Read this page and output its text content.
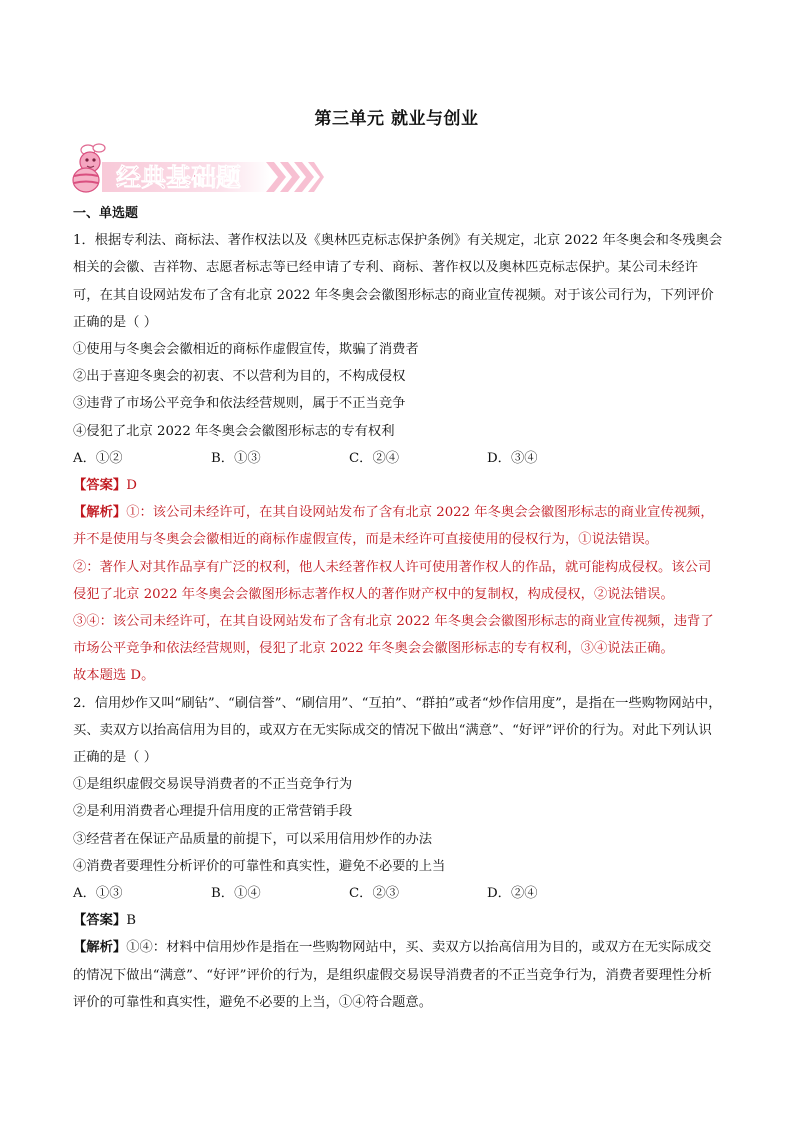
第三单元 就业与创业
经典基础题

一、单选题

1．根据专利法、商标法、著作权法以及《奥林匹克标志保护条例》有关规定，北京 2022 年冬奥会和冬残奥会相关的会徽、吉祥物、志愿者标志等已经申请了专利、商标、著作权以及奥林匹克标志保护。某公司未经许可，在其自设网站发布了含有北京 2022 年冬奥会会徽图形标志的商业宣传视频。对于该公司行为，下列评价正确的是（ ）

①使用与冬奥会会徽相近的商标作虚假宣传，欺骗了消费者

②出于喜迎冬奥会的初衷、不以营利为目的，不构成侵权

③违背了市场公平竞争和依法经营规则，属于不正当竞争

④侵犯了北京 2022 年冬奥会会徽图形标志的专有权利

A．①②	B．①③	C．②④	D．③④

【答案】D

【解析】①：该公司未经许可，在其自设网站发布了含有北京 2022 年冬奥会会徽图形标志的商业宣传视频，并不是使用与冬奥会会徽相近的商标作虚假宣传，而是未经许可直接使用的侵权行为，①说法错误。

②：著作人对其作品享有广泛的权利，他人未经著作权人许可使用著作权人的作品，就可能构成侵权。该公司侵犯了北京 2022 年冬奥会会徽图形标志著作权人的著作财产权中的复制权，构成侵权，②说法错误。

③④：该公司未经许可，在其自设网站发布了含有北京 2022 年冬奥会会徽图形标志的商业宣传视频，违背了市场公平竞争和依法经营规则，侵犯了北京 2022 年冬奥会会徽图形标志的专有权利，③④说法正确。

故本题选 D。

2．信用炒作又叫“刷钻”、“刷信誉”、“刷信用”、“互拍”、“群拍”或者“炒作信用度”，是指在一些购物网站中，买、卖双方以抬高信用为目的，或双方在无实际成交的情况下做出“满意”、“好评”评价的行为。对此下列认识正确的是（ ）

①是组织虚假交易误导消费者的不正当竞争行为

②是利用消费者心理提升信用度的正常营销手段

③经营者在保证产品质量的前提下，可以采用信用炒作的办法

④消费者要理性分析评价的可靠性和真实性，避免不必要的上当

A．①③	B．①④	C．②③	D．②④

【答案】B

【解析】①④：材料中信用炒作是指在一些购物网站中，买、卖双方以抬高信用为目的，或双方在无实际成交的情况下做出“满意”、“好评”评价的行为，是组织虚假交易误导消费者的不正当竞争行为，消费者要理性分析评价的可靠性和真实性，避免不必要的上当，①④符合题意。
